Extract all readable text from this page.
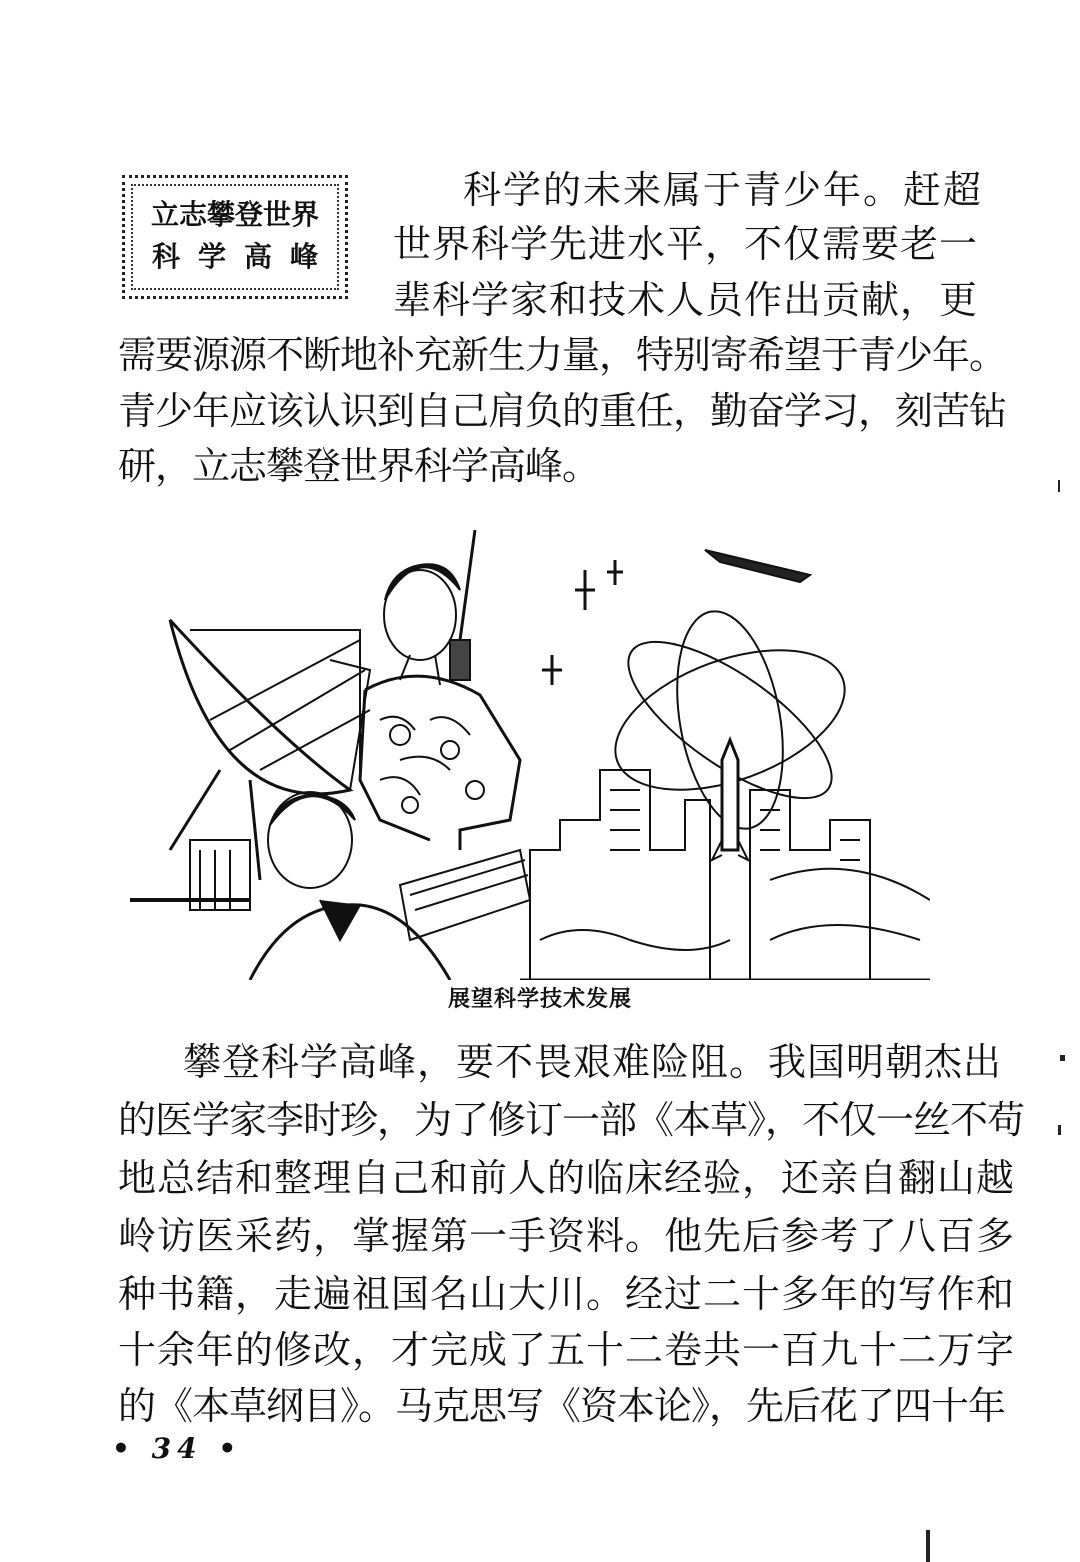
立志攀登世界
科学高峰
科学的未来属于青少年。赶超
世界科学先进水平，不仅需要老一
辈科学家和技术人员作出贡献，更
需要源源不断地补充新生力量，特别寄希望于青少年。
青少年应该认识到自己肩负的重任，勤奋学习，刻苦钻
研，立志攀登世界科学高峰。
展望科学技术发展
攀登科学高峰，要不畏艰难险阻。我国明朝杰出
的医学家李时珍，为了修订一部《本草》，不仅一丝不苟
地总结和整理自己和前人的临床经验，还亲自翻山越
岭访医采药，掌握第一手资料。他先后参考了八百多
种书籍，走遍祖国名山大川。经过二十多年的写作和
十余年的修改，才完成了五十二卷共一百九十二万字
的《本草纲目》。马克思写《资本论》，先后花了四十年
• 34 •
